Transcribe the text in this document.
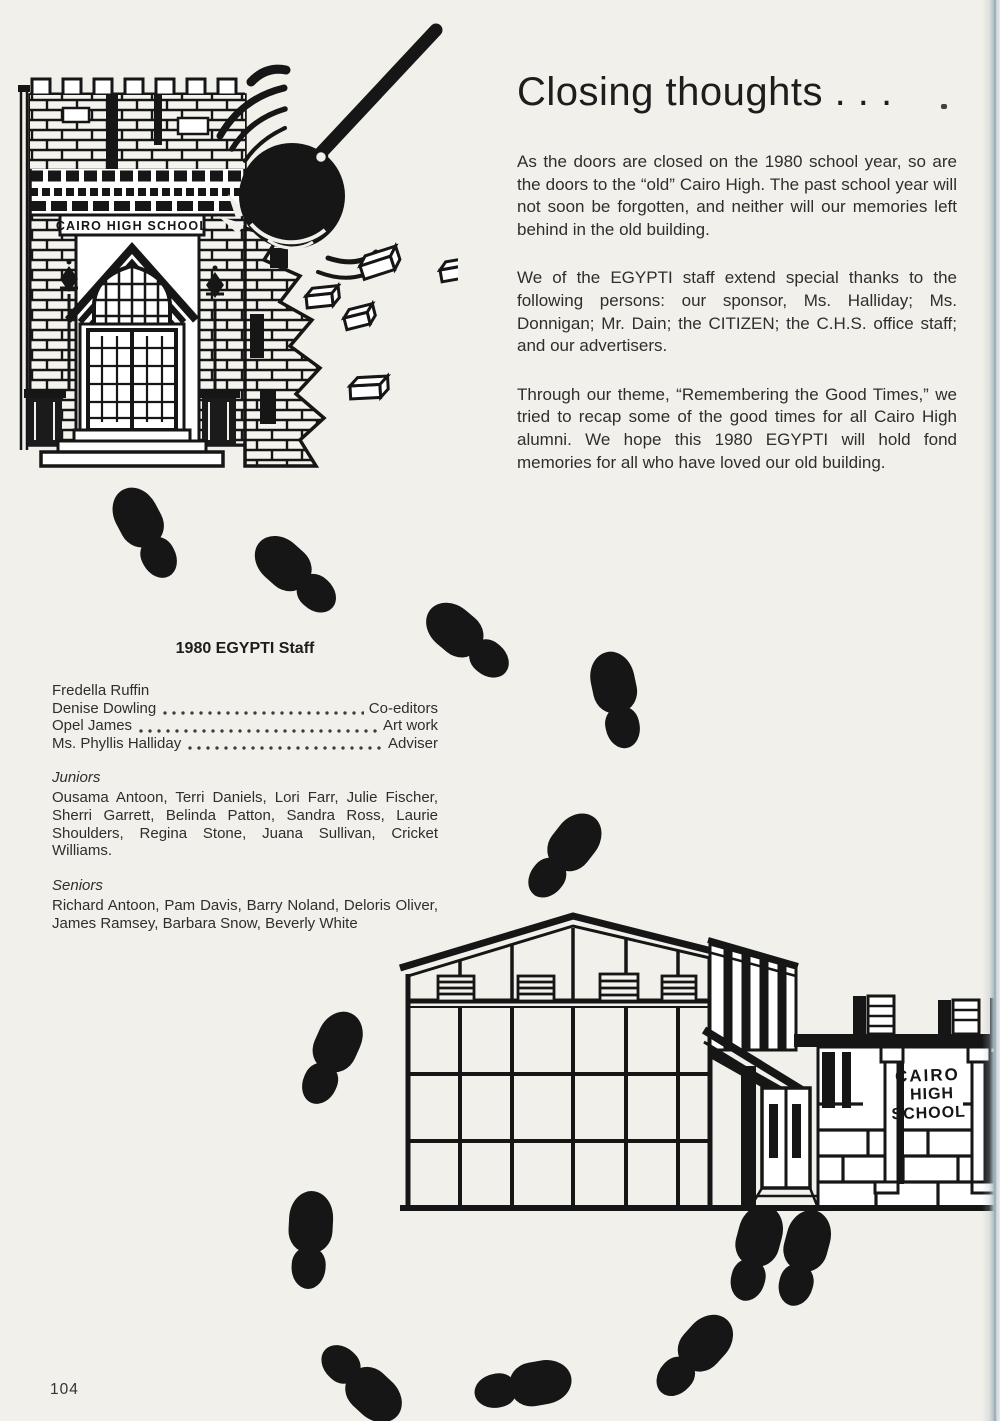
CAIRO HIGH SCHOOL
Closing thoughts . . .

As the doors are closed on the 1980 school year, so are the doors to the “old” Cairo High. The past school year will not soon be forgotten, and neither will our memories left behind in the old building.

We of the EGYPTI staff extend special thanks to the following persons: our sponsor, Ms. Halliday; Ms. Donnigan; Mr. Dain; the CITIZEN; the C.H.S. office staff; and our advertisers.

Through our theme, “Remembering the Good Times,” we tried to recap some of the good times for all Cairo High alumni. We hope this 1980 EGYPTI will hold fond memories for all who have loved our old building.

1980 EGYPTI Staff
Fredella Ruffin
Denise Dowling	Co-editors
Opel James	Art work
Ms. Phyllis Halliday	Adviser
Juniors

Ousama Antoon, Terri Daniels, Lori Farr, Julie Fischer, Sherri Garrett, Belinda Patton, Sandra Ross, Laurie Shoulders, Regina Stone, Juana Sullivan, Cricket Williams.

Seniors

Richard Antoon, Pam Davis, Barry Noland, Deloris Oliver, James Ramsey, Barbara Snow, Beverly White

CAIRO
HIGH
SCHOOL
104
